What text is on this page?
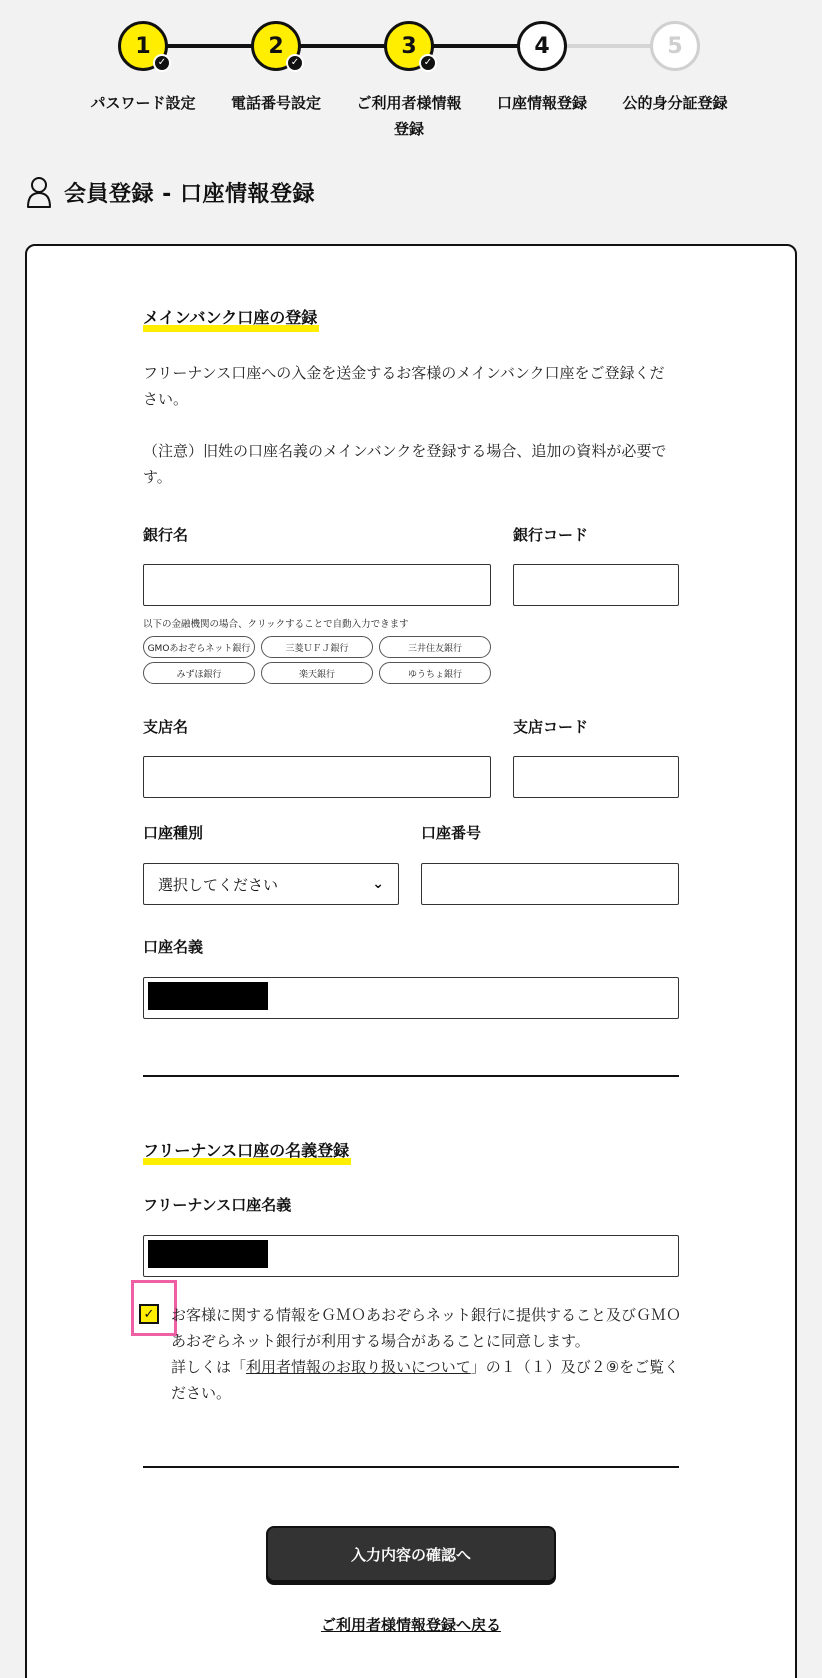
1
✓
2
✓
3
✓
4	5
パスワード設定	電話番号設定	ご利用者様情報
登録
口座情報登録	公的身分証登録
会員登録 - 口座情報登録
メインバンク口座の登録
フリーナンス口座への入金を送金するお客様のメインバンク口座をご登録ください。
（注意）旧姓の口座名義のメインバンクを登録する場合、追加の資料が必要です。
銀行名	銀行コード
以下の金融機関の場合、クリックすることで自動入力できます
GMOあおぞらネット銀行	三菱ＵＦＪ銀行	三井住友銀行
みずほ銀行	楽天銀行	ゆうちょ銀行
支店名	支店コード
口座種別	口座番号
選択してください	⌄
口座名義
フリーナンス口座の名義登録
フリーナンス口座名義
✓ お客様に関する情報をＧＭＯあおぞらネット銀行に提供すること及びＧＭＯあおぞらネット銀行が利用する場合があることに同意します。
詳しくは「利用者情報のお取り扱いについて」の１（１）及び２⑨をご覧ください。
入力内容の確認へ
ご利用者様情報登録へ戻る
